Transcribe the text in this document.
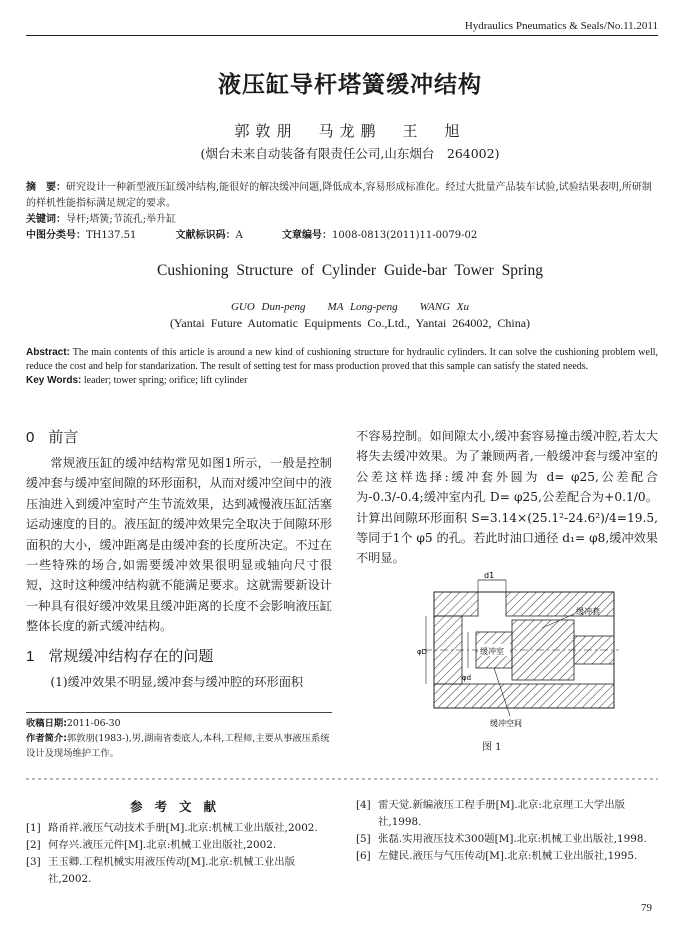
Hydraulics Pneumatics & Seals/No.11.2011
液压缸导杆塔簧缓冲结构
郭敦朋　马龙鹏　王　旭
(烟台未来自动装备有限责任公司,山东烟台　264002)
摘　要：研究设计一种新型液压缸缓冲结构,能很好的解决缓冲问题,降低成本,容易形成标准化。经过大批量产品装车试验,试验结果表明,所研制的样机性能指标满足规定的要求。
关键词：导杆;塔簧;节流孔;举升缸
中图分类号：TH137.51	文献标识码：A	文章编号：1008-0813(2011)11-0079-02
Cushioning Structure of Cylinder Guide-bar Tower Spring
GUO Dun-peng　　MA Long-peng　　WANG Xu
(Yantai Future Automatic Equipments Co.,Ltd., Yantai 264002, China)
Abstract: The main contents of this article is around a new kind of cushioning structure for hydraulic cylinders. It can solve the cushioning problem well, reduce the cost and help for standarization. The result of setting test for mass production proved that this sample can satisfy the stated needs.
Key Words: leader; tower spring; orifice; lift cylinder
0 前言

常规液压缸的缓冲结构常见如图1所示，一般是控制缓冲套与缓冲室间隙的环形面积，从而对缓冲空间中的液压油进入到缓冲室时产生节流效果，达到减慢液压缸活塞运动速度的目的。液压缸的缓冲效果完全取决于间隙环形面积的大小，缓冲距离是由缓冲套的长度所决定。不过在一些特殊的场合,如需要缓冲效果很明显或轴向尺寸很短，这时这种缓冲结构就不能满足要求。这就需要新设计一种具有很好缓冲效果且缓冲距离的长度不会影响液压缸整体长度的新式缓冲结构。

1 常规缓冲结构存在的问题

(1)缓冲效果不明显,缓冲套与缓冲腔的环形面积

不容易控制。如间隙太小,缓冲套容易撞击缓冲腔,若太大将失去缓冲效果。为了兼顾两者,一般缓冲套与缓冲室的公差这样选择:缓冲套外圆为 d= φ25,公差配合为-0.3/-0.4;缓冲室内孔 D= φ25,公差配合为+0.1/0。计算出间隙环形面积 S=3.14×(25.1²-24.6²)/4=19.5,等同于1个 φ5 的孔。若此时油口通径 d₁= φ8,缓冲效果不明显。

d1
φD
φd
缓冲套
缓冲室
缓冲空间
图 1
收稿日期:2011-06-30
作者简介:郭敦朋(1983-),男,湖南省娄底人,本科,工程师,主要从事液压系统设计及现场维护工作。
参考文献
[1] 路甬祥.液压气动技术手册[M].北京:机械工业出版社,2002.
[2] 何存兴.液压元件[M].北京:机械工业出版社,2002.
[3] 王玉卿.工程机械实用液压传动[M].北京:机械工业出版社,2002.
[4] 雷天觉.新编液压工程手册[M].北京:北京理工大学出版社,1998.
[5] 张磊.实用液压技术300题[M].北京:机械工业出版社,1998.
[6] 左健民.液压与气压传动[M].北京:机械工业出版社,1995.
79
